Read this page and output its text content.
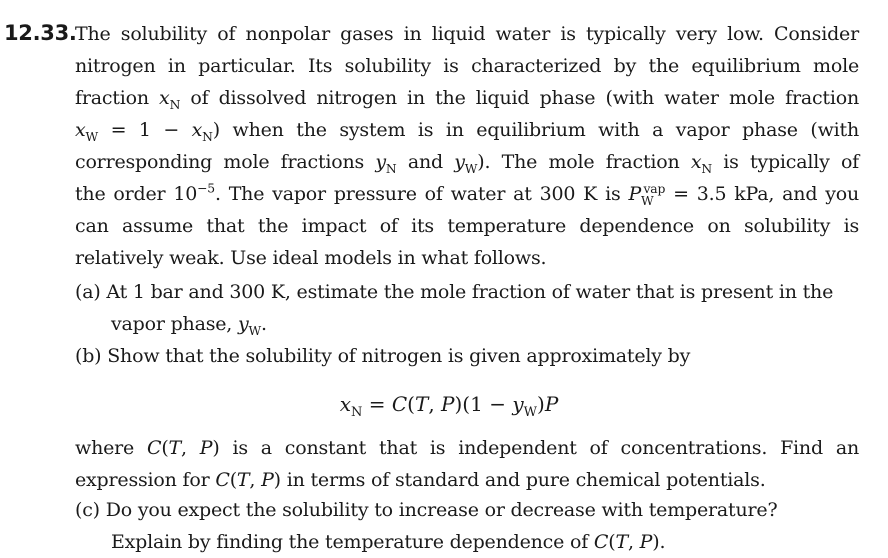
12.33.
The solubility of nonpolar gases in liquid water is typically very low. Consider
nitrogen in particular. Its solubility is characterized by the equilibrium mole
fraction $x_N$ of dissolved nitrogen in the liquid phase (with water mole fraction
$x_W = 1 - x_N$) when the system is in equilibrium with a vapor phase (with
corresponding mole fractions $y_N$ and $y_W$). The mole fraction $x_N$ is typically of
the order $10^{-5}$. The vapor pressure of water at 300 K is $P_W^{vap} = 3.5$ kPa, and you
can assume that the impact of its temperature dependence on solubility is
relatively weak. Use ideal models in what follows.
(a) At 1 bar and 300 K, estimate the mole fraction of water that is present in the
vapor phase, $y_W$.
(b) Show that the solubility of nitrogen is given approximately by
$x_N = C(T$, $P)(1 - y_W)P$
where C(T, P) is a constant that is independent of concentrations. Find an
expression for C(T, P) in terms of standard and pure chemical potentials.
(c) Do you expect the solubility to increase or decrease with temperature?
Explain by finding the temperature dependence of C(T, P).
